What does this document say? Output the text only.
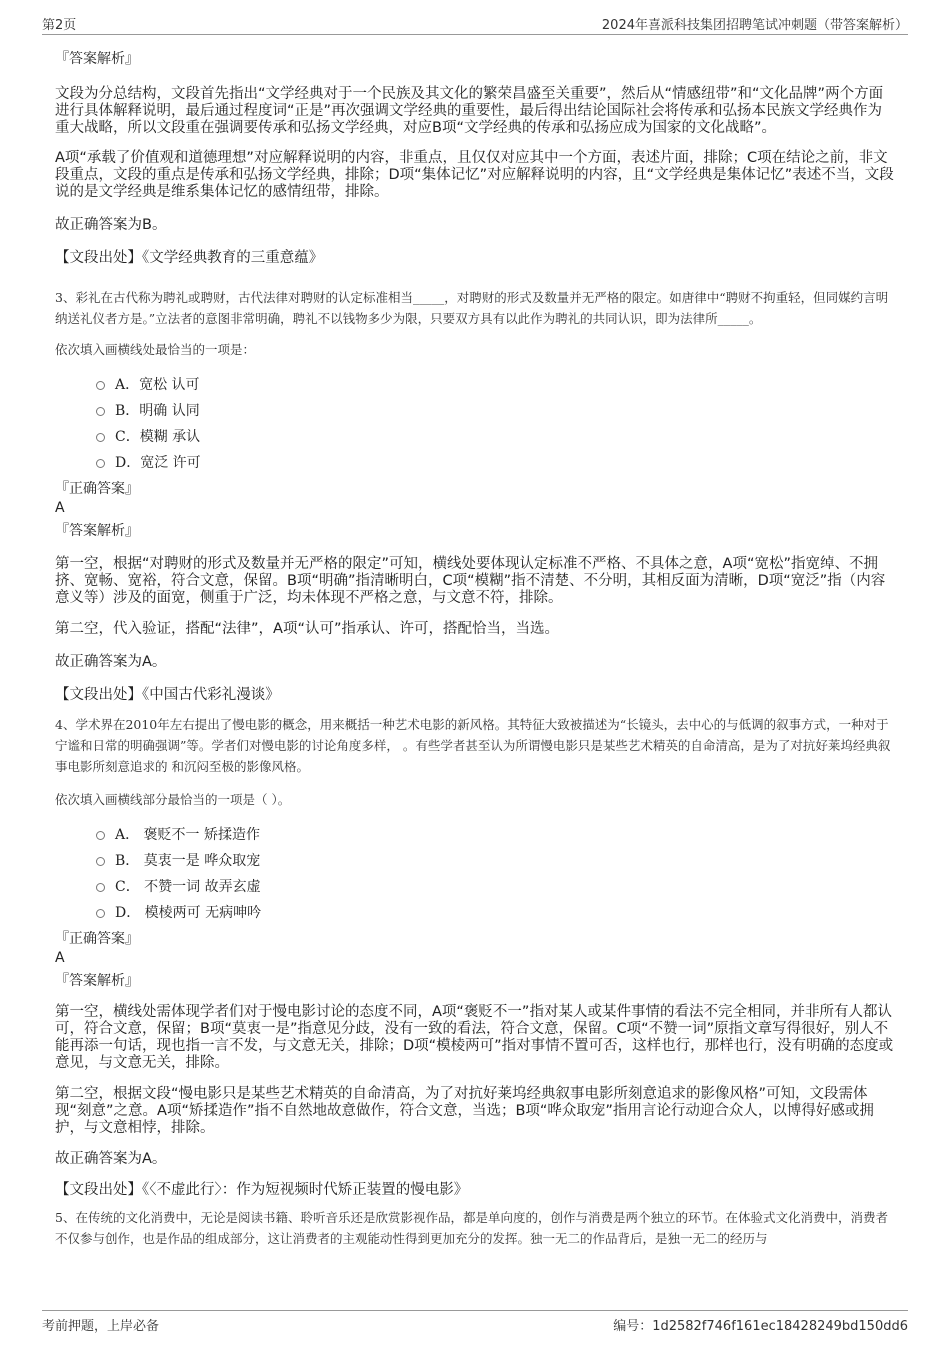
第2页	2024年喜派科技集团招聘笔试冲刺题（带答案解析）

『答案解析』

文段为分总结构，文段首先指出“文学经典对于一个民族及其文化的繁荣昌盛至关重要”，然后从“情感纽带”和“文化品牌”两个方面进行具体解释说明，最后通过程度词“正是”再次强调文学经典的重要性，最后得出结论国际社会将传承和弘扬本民族文学经典作为重大战略，所以文段重在强调要传承和弘扬文学经典，对应B项“文学经典的传承和弘扬应成为国家的文化战略”。

A项“承载了价值观和道德理想”对应解释说明的内容，非重点，且仅仅对应其中一个方面，表述片面，排除；C项在结论之前，非文段重点，文段的重点是传承和弘扬文学经典，排除；D项“集体记忆”对应解释说明的内容，且“文学经典是集体记忆”表述不当，文段说的是文学经典是维系集体记忆的感情纽带，排除。

故正确答案为B。

【文段出处】《文学经典教育的三重意蕴》

3、彩礼在古代称为聘礼或聘财，古代法律对聘财的认定标准相当_____，对聘财的形式及数量并无严格的限定。如唐律中“聘财不拘重轻，但同媒约言明纳送礼仪者方是。”立法者的意图非常明确，聘礼不以钱物多少为限，只要双方具有以此作为聘礼的共同认识，即为法律所_____。

依次填入画横线处最恰当的一项是：

A．宽松 认可
B．明确 认同
C．模糊 承认
D．宽泛 许可

『正确答案』

A

『答案解析』

第一空，根据“对聘财的形式及数量并无严格的限定”可知，横线处要体现认定标准不严格、不具体之意，A项“宽松”指宽绰、不拥挤、宽畅、宽裕，符合文意，保留。B项“明确”指清晰明白，C项“模糊”指不清楚、不分明，其相反面为清晰，D项“宽泛”指（内容意义等）涉及的面宽，侧重于广泛，均未体现不严格之意，与文意不符，排除。

第二空，代入验证，搭配“法律”，A项“认可”指承认、许可，搭配恰当，当选。

故正确答案为A。

【文段出处】《中国古代彩礼漫谈》

4、学术界在2010年左右提出了慢电影的概念，用来概括一种艺术电影的新风格。其特征大致被描述为“长镜头，去中心的与低调的叙事方式，一种对于宁谧和日常的明确强调”等。学者们对慢电影的讨论角度多样， 。有些学者甚至认为所谓慢电影只是某些艺术精英的自命清高，是为了对抗好莱坞经典叙事电影所刻意追求的 和沉闷至极的影像风格。

依次填入画横线部分最恰当的一项是（ ）。

A． 褒贬不一 矫揉造作
B． 莫衷一是 哗众取宠
C． 不赞一词 故弄玄虚
D． 模棱两可 无病呻吟

『正确答案』

A

『答案解析』

第一空，横线处需体现学者们对于慢电影讨论的态度不同，A项“褒贬不一”指对某人或某件事情的看法不完全相同，并非所有人都认可，符合文意，保留；B项“莫衷一是”指意见分歧，没有一致的看法，符合文意，保留。C项“不赞一词”原指文章写得很好，别人不能再添一句话，现也指一言不发，与文意无关，排除；D项“模棱两可”指对事情不置可否，这样也行，那样也行，没有明确的态度或意见，与文意无关，排除。

第二空，根据文段“慢电影只是某些艺术精英的自命清高，为了对抗好莱坞经典叙事电影所刻意追求的影像风格”可知，文段需体现“刻意”之意。A项“矫揉造作”指不自然地故意做作，符合文意，当选；B项“哗众取宠”指用言论行动迎合众人，以博得好感或拥护，与文意相悖，排除。

故正确答案为A。

【文段出处】《〈不虚此行〉：作为短视频时代矫正装置的慢电影》

5、在传统的文化消费中，无论是阅读书籍、聆听音乐还是欣赏影视作品，都是单向度的，创作与消费是两个独立的环节。在体验式文化消费中，消费者不仅参与创作，也是作品的组成部分，这让消费者的主观能动性得到更加充分的发挥。独一无二的作品背后，是独一无二的经历与

考前押题，上岸必备	编号：1d2582f746f161ec18428249bd150dd6
